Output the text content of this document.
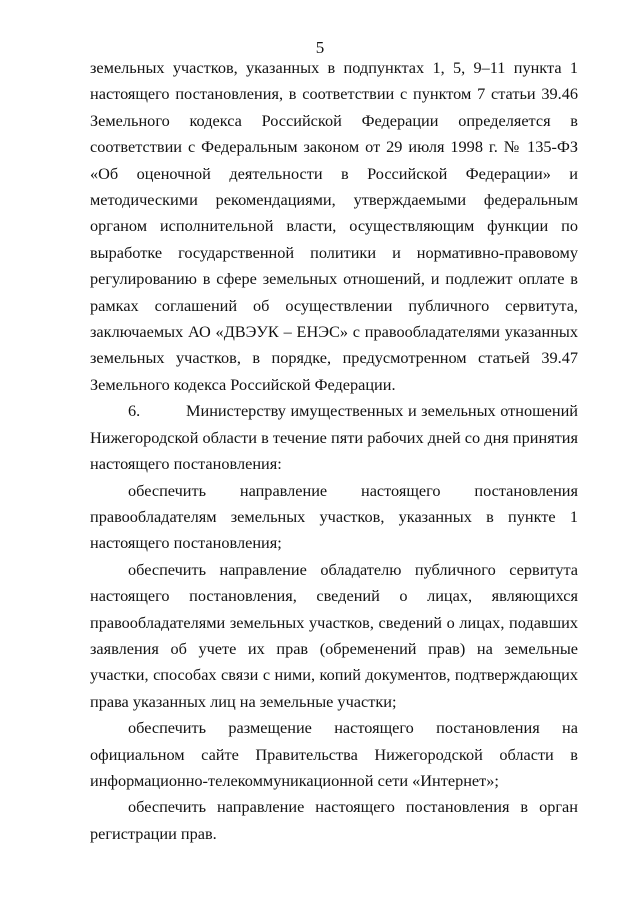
5

земельных участков, указанных в подпунктах 1, 5, 9–11 пункта 1 настоящего постановления, в соответствии с пунктом 7 статьи 39.46 Земельного кодекса Российской Федерации определяется в соответствии с Федеральным законом от 29 июля 1998 г. № 135-ФЗ «Об оценочной деятельности в Российской Федерации» и методическими рекомендациями, утверждаемыми федеральным органом исполнительной власти, осуществляющим функции по выработке государственной политики и нормативно-правовому регулированию в сфере земельных отношений, и подлежит оплате в рамках соглашений об осуществлении публичного сервитута, заключаемых АО «ДВЭУК – ЕНЭС» с правообладателями указанных земельных участков, в порядке, предусмотренном статьей 39.47 Земельного кодекса Российской Федерации.

6.	Министерству имущественных и земельных отношений Нижегородской области в течение пяти рабочих дней со дня принятия настоящего постановления:

обеспечить направление настоящего постановления правообладателям земельных участков, указанных в пункте 1 настоящего постановления;

обеспечить направление обладателю публичного сервитута настоящего постановления, сведений о лицах, являющихся правообладателями земельных участков, сведений о лицах, подавших заявления об учете их прав (обременений прав) на земельные участки, способах связи с ними, копий документов, подтверждающих права указанных лиц на земельные участки;

обеспечить размещение настоящего постановления на официальном сайте Правительства Нижегородской области в информационно-телекоммуникационной сети «Интернет»;

обеспечить направление настоящего постановления в орган регистрации прав.
